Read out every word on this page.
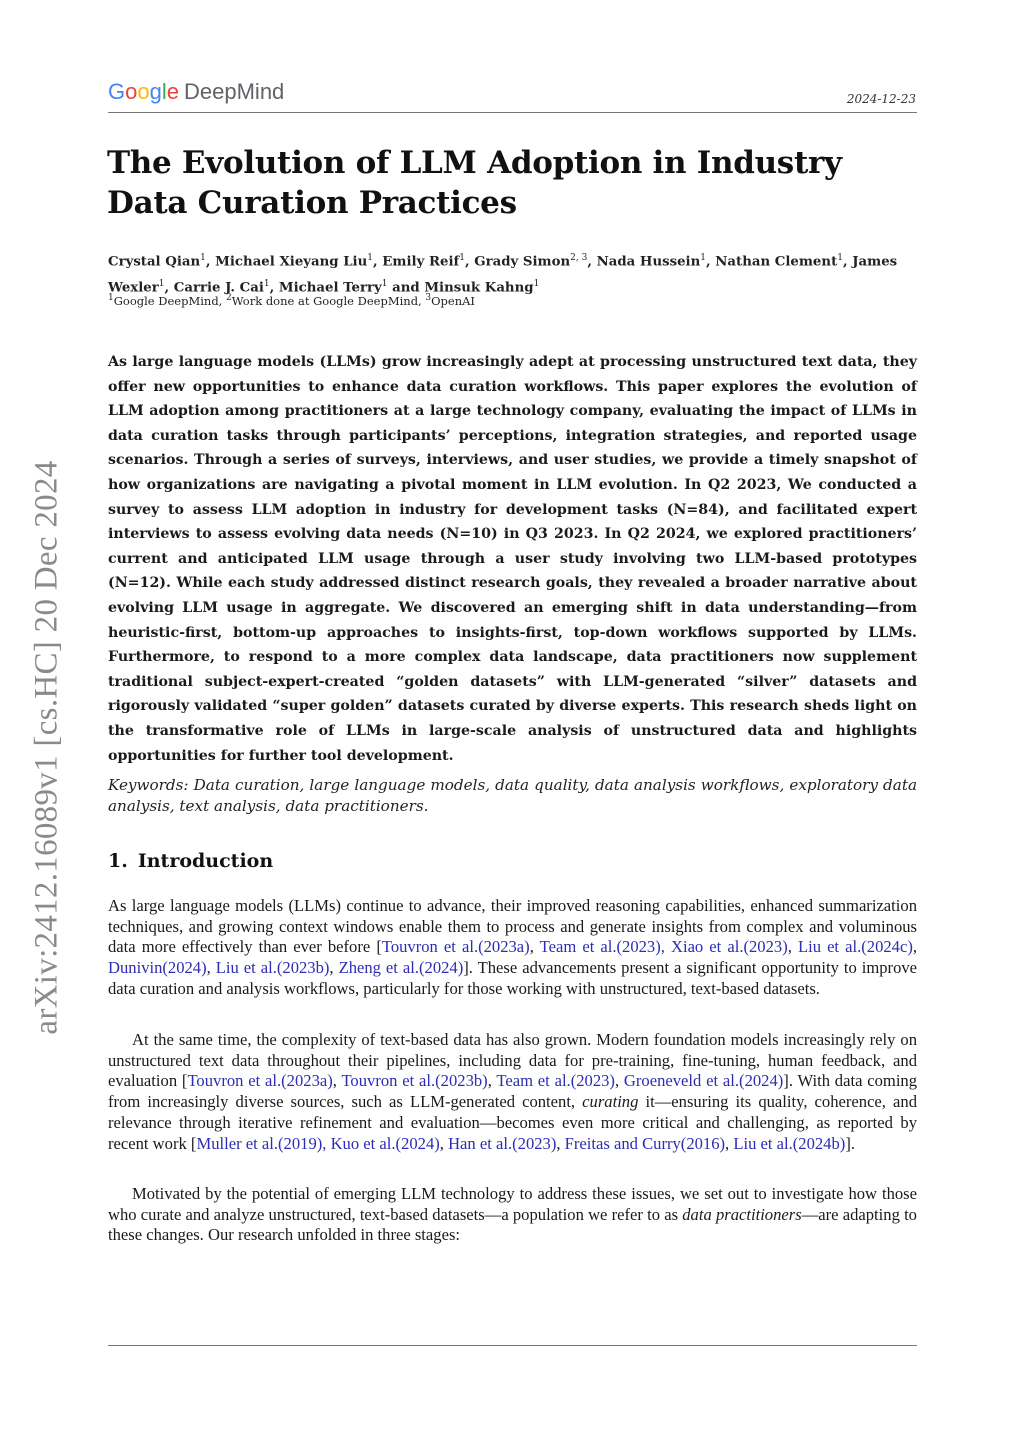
arXiv:2412.16089v1 [cs.HC] 20 Dec 2024
G o o g l e DeepMind	2024-12-23
The Evolution of LLM Adoption in Industry Data Curation Practices
Crystal Qian$^1$, Michael Xieyang Liu$^1$, Emily Reif$^1$, Grady Simon$^{2, 3}$, Nada Hussein$^1$, Nathan Clement$^1$, James Wexler$^1$, Carrie J. Cai$^1$, Michael Terry$^1$ and Minsuk Kahng$^1$
$^1$Google DeepMind, $^2$Work done at Google DeepMind, $^3$OpenAI

As large language models (LLMs) grow increasingly adept at processing unstructured text data, they offer new opportunities to enhance data curation workflows. This paper explores the evolution of LLM adoption among practitioners at a large technology company, evaluating the impact of LLMs in data curation tasks through participants’ perceptions, integration strategies, and reported usage scenarios. Through a series of surveys, interviews, and user studies, we provide a timely snapshot of how organizations are navigating a pivotal moment in LLM evolution. In Q2 2023, We conducted a survey to assess LLM adoption in industry for development tasks (N=84), and facilitated expert interviews to assess evolving data needs (N=10) in Q3 2023. In Q2 2024, we explored practitioners’ current and anticipated LLM usage through a user study involving two LLM-based prototypes (N=12). While each study addressed distinct research goals, they revealed a broader narrative about evolving LLM usage in aggregate. We discovered an emerging shift in data understanding—from heuristic-first, bottom-up approaches to insights-first, top-down workflows supported by LLMs. Furthermore, to respond to a more complex data landscape, data practitioners now supplement traditional subject-expert-created “golden datasets” with LLM-generated “silver” datasets and rigorously validated “super golden” datasets curated by diverse experts. This research sheds light on the transformative role of LLMs in large-scale analysis of unstructured data and highlights opportunities for further tool development.

Keywords: Data curation, large language models, data quality, data analysis workflows, exploratory data analysis, text analysis, data practitioners.

1. Introduction

As large language models (LLMs) continue to advance, their improved reasoning capabilities, enhanced summarization techniques, and growing context windows enable them to process and generate insights from complex and voluminous data more effectively than ever before [Touvron et al.(2023a), Team et al.(2023), Xiao et al.(2023), Liu et al.(2024c), Dunivin(2024), Liu et al.(2023b), Zheng et al.(2024)]. These advancements present a significant opportunity to improve data curation and analysis workflows, particularly for those working with unstructured, text-based datasets.

At the same time, the complexity of text-based data has also grown. Modern foundation models increasingly rely on unstructured text data throughout their pipelines, including data for pre-training, fine-tuning, human feedback, and evaluation [Touvron et al.(2023a), Touvron et al.(2023b), Team et al.(2023), Groeneveld et al.(2024)]. With data coming from increasingly diverse sources, such as LLM-generated content, curating it—ensuring its quality, coherence, and relevance through iterative refinement and evaluation—becomes even more critical and challenging, as reported by recent work [Muller et al.(2019), Kuo et al.(2024), Han et al.(2023), Freitas and Curry(2016), Liu et al.(2024b)].

Motivated by the potential of emerging LLM technology to address these issues, we set out to investigate how those who curate and analyze unstructured, text-based datasets—a population we refer to as data practitioners—are adapting to these changes. Our research unfolded in three stages:
